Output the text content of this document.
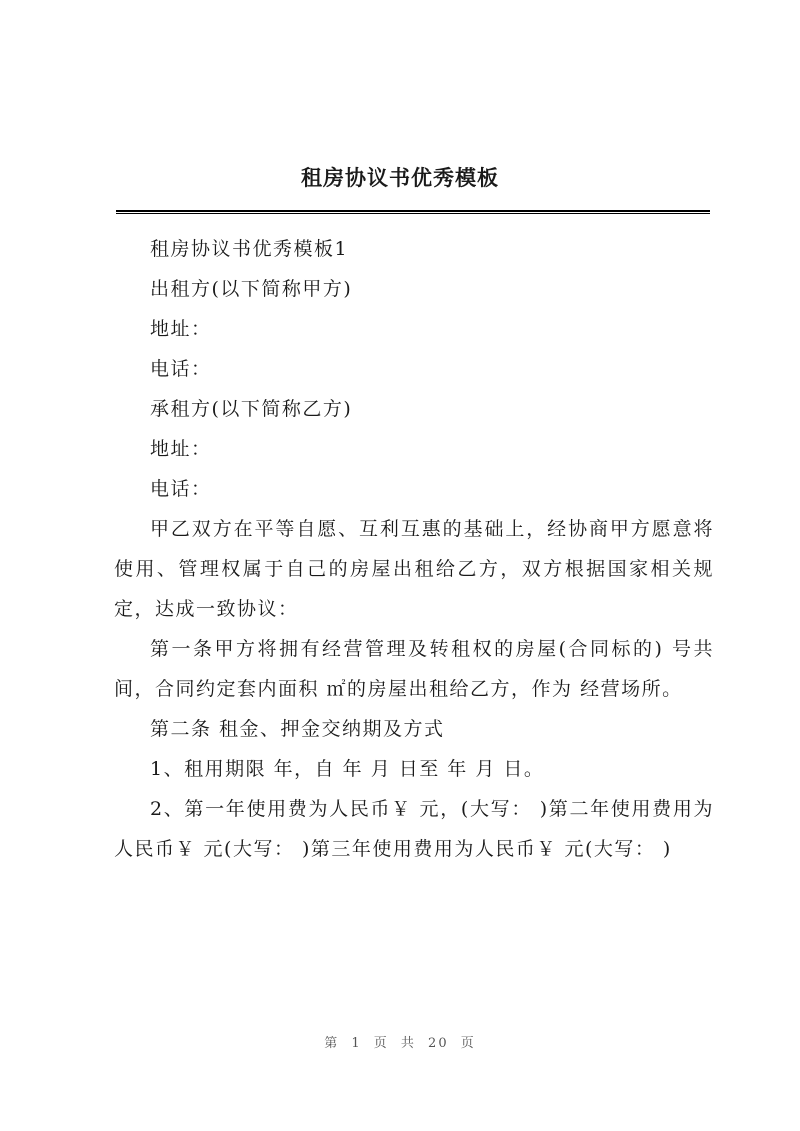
租房协议书优秀模板

租房协议书优秀模板1

出租方(以下简称甲方)

地址：

电话：

承租方(以下简称乙方)

地址：

电话：

甲乙双方在平等自愿、互利互惠的基础上，经协商甲方愿意将使用、管理权属于自己的房屋出租给乙方，双方根据国家相关规定，达成一致协议：

第一条甲方将拥有经营管理及转租权的房屋(合同标的) 号共 间，合同约定套内面积 ㎡的房屋出租给乙方，作为 经营场所。

第二条 租金、押金交纳期及方式

1、租用期限 年，自 年 月 日至 年 月 日。

2、第一年使用费为人民币￥ 元，(大写： )第二年使用费用为人民币￥ 元(大写： )第三年使用费用为人民币￥ 元(大写： )

第 1 页 共 20 页
